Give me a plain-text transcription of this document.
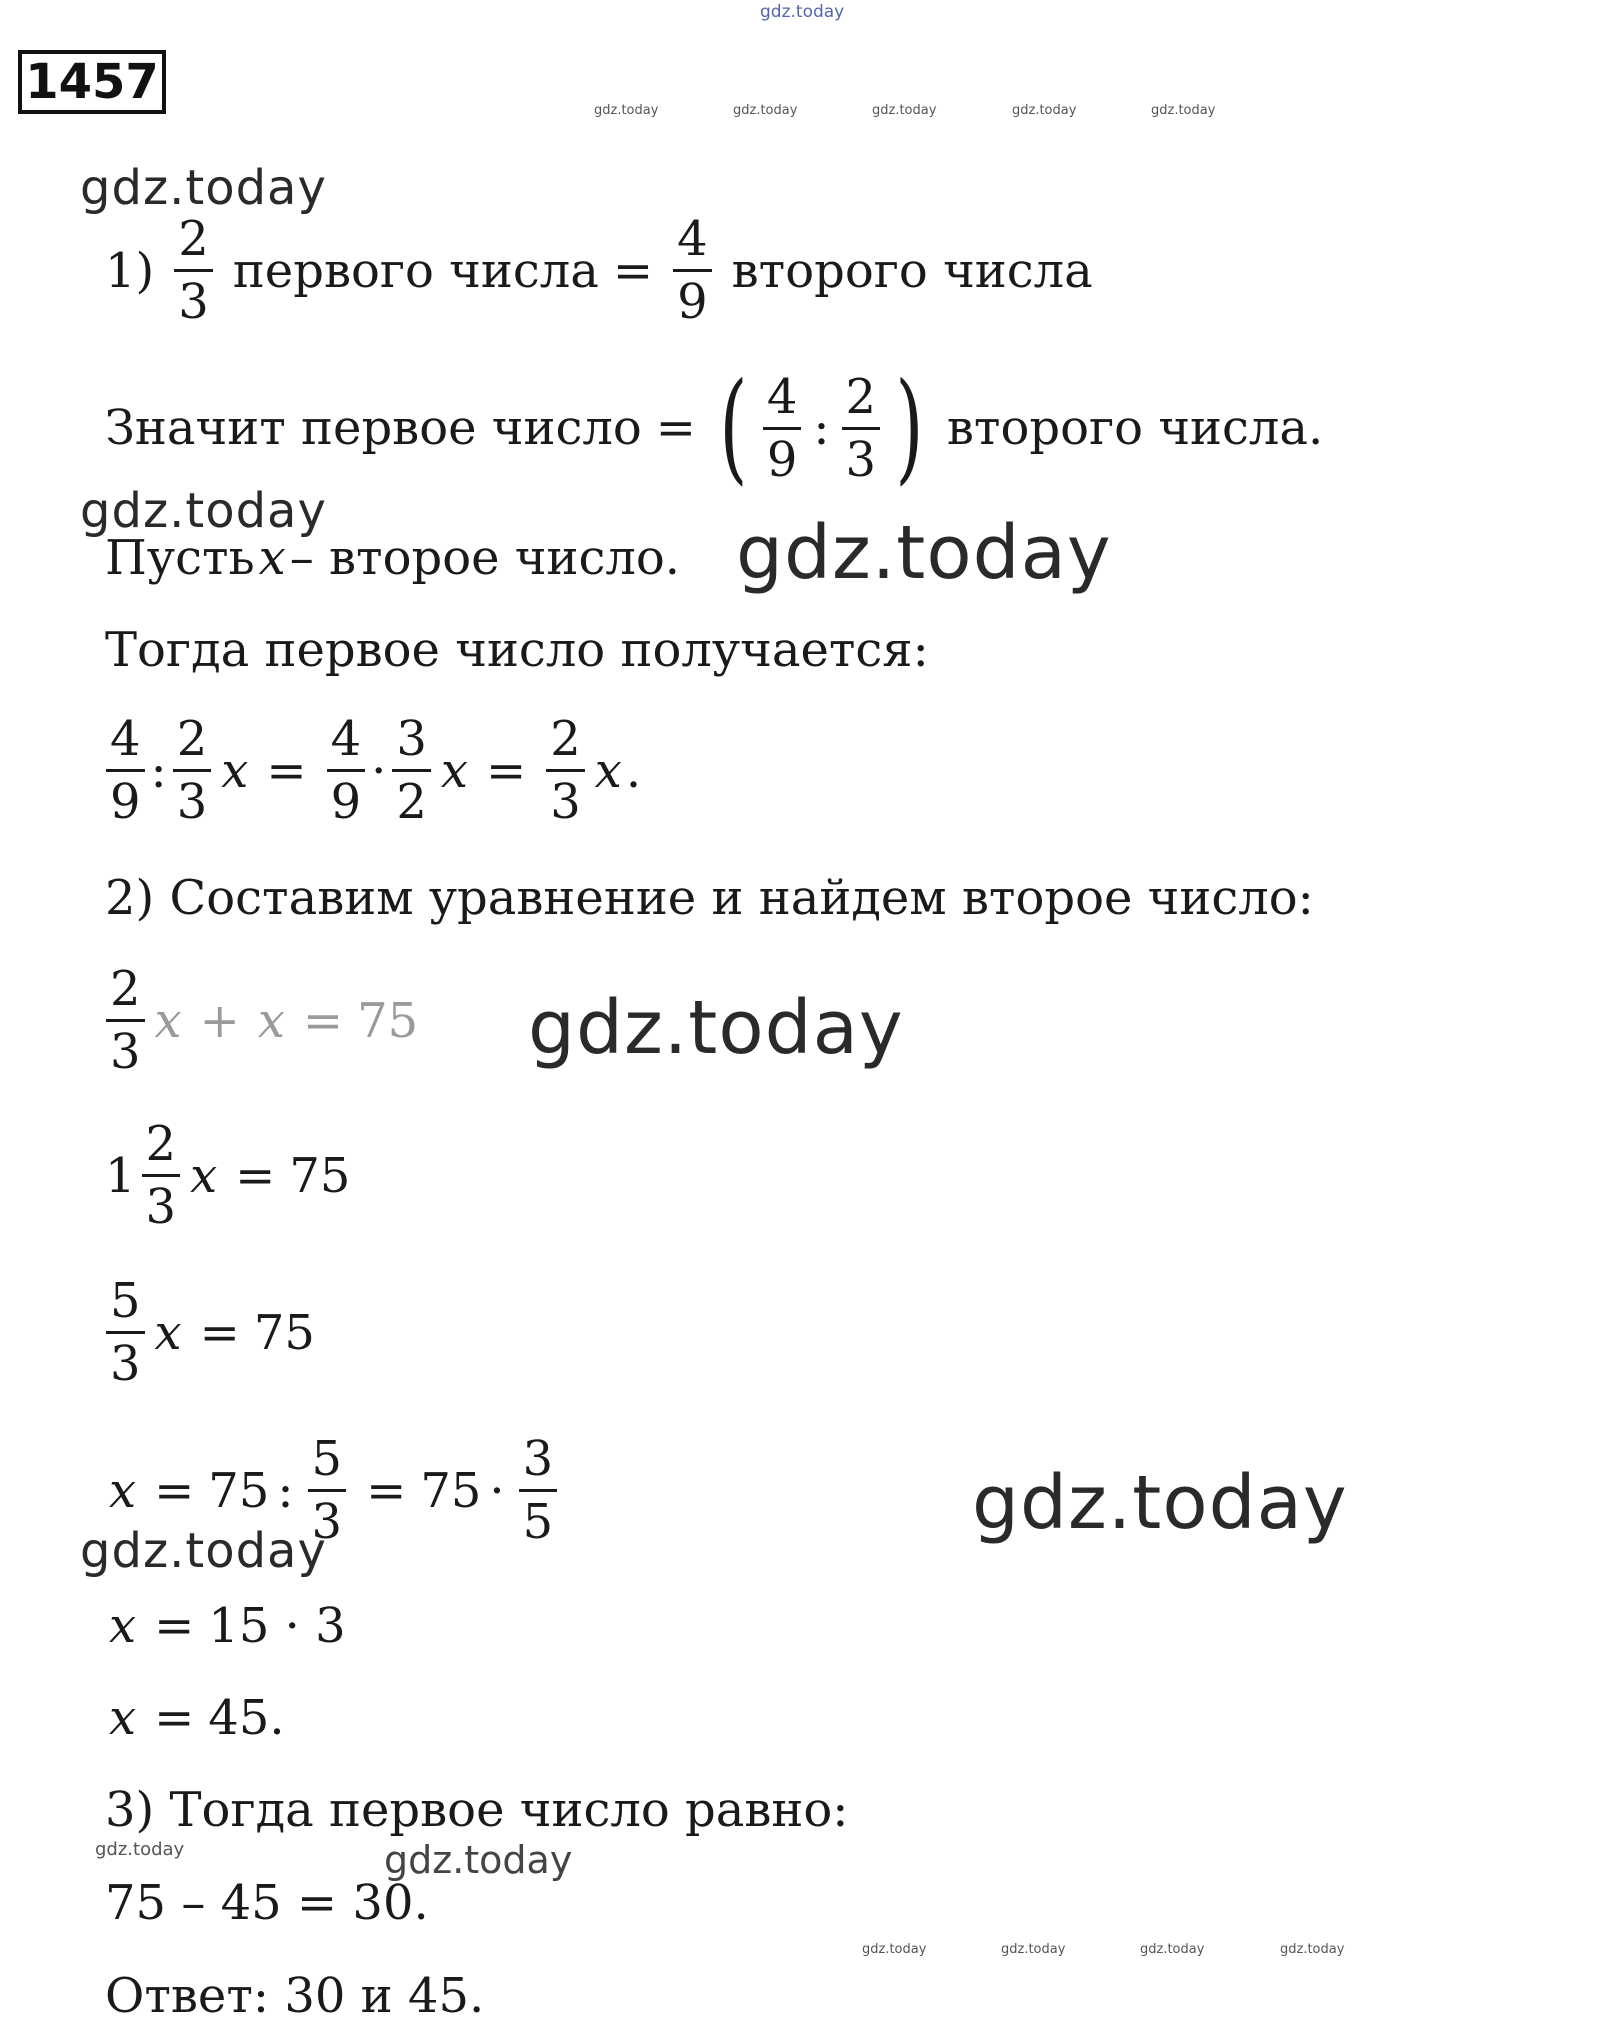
gdz.today
gdz.today	gdz.today	gdz.today	gdz.today	gdz.today
gdz.today
gdz.today	gdz.today
gdz.today
gdz.today
gdz.today
gdz.today	gdz.today
gdz.today	gdz.today	gdz.today	gdz.today
1457
$1) \frac{2}{3}$ первого числа = $\frac{4}{9}$ второго числа
Значит первое число = ( $\frac{4}{9}$ : $\frac{2}{3}$ ) второго числа.
Пусть x – второе число.
Тогда первое число получается:
$\frac{4}{9}$ : $\frac{2}{3}$ $x = \frac{4}{9} \cdot \frac{3}{2}$ $x = \frac{2}{3}$ x .
2) Составим уравнение и найдем второе число:
$\frac{2}{3}$ x + x = 75
$1 \frac{2}{3}$ x = 75
$\frac{5}{3}$ x = 75
x = 75 : $\frac{5}{3} = 75 \cdot \frac{3}{5}$
x = 15 · 3
x = 45.
3) Тогда первое число равно:
75 – 45 = 30.
Ответ: 30 и 45.
